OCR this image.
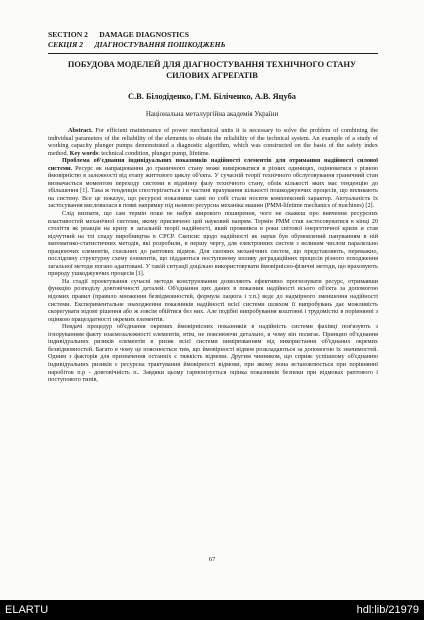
SECTION 2      DAMAGE DIAGNOSTICS
СЕКЦІЯ 2      ДІАГНОСТУВАННЯ ПОШКОДЖЕНЬ
ПОБУДОВА МОДЕЛЕЙ ДЛЯ ДІАГНОСТУВАННЯ ТЕХНІЧНОГО СТАНУ СИЛОВИХ АГРЕГАТІВ
С.В. Білодіденко, Г.М. Біліченко, А.В. Яцуба
Національна металургійна академія України

Abstract. For efficient maintenance of power mechanical units it is necessary to solve the problem of combining the individual parameters of the reliability of the elements to obtain the reliability of the technical system. An example of a study of working capacity plunger pumps demonstrated a diagnostic algorithm, which was constructed on the basis of the safety index method. Key words: technical condition, plunger pump, lifetime.

Проблема об'єднання індивідуальних показників надійності елементів для отримання надійності силової системи. Ресурс як напрацювання до граничного стану може вимірюватися в різних одиницях, оцінюватися з різною ймовірністю в залежності від етапу життєвого циклу об'єкта. У сучасній теорії технічного обслуговування граничний стан визначається моментом переходу системи в відмінну фазу технічного стану, облік кількості яких має тенденцію до збільшення [1]. Така ж тенденція спостерігається і в частині врахування кількості пошкоджуючих процесів, що впливають на систему. Все це показує, що ресурсні показники самі по собі стали носити комплексний характер. Актуальність їх застосування висловилася в появі напрямку під назвою ресурсна механіка машин (PMM-lifetime mechanics of machines) [2].

Слід визнати, що сам термін поки не набув широкого поширення, чого не скажеш про вивчення ресурсних властивостей механічної системи, якому присвячено цей науковий напрям. Термін PMM став застосовуватися в кінці 20 століття як реакція на кризу в загальній теорії надійності, який проявився в роки світової енергетичної кризи и став відчутний на тлі спаду виробництва в СРСР. Скепсис щодо надійності як науки був обумовлений пануванням в ній математико-статистичних методів, які розробили, в першу чергу, для електронних систем з великим числом паралельно працюючих елементів, схильних до раптових відмов. Для силових механічних систем, що представляють, переважно, послідовну структурну схему елементів, що піддаються поступовому впливу деградаційних процесів різного походження загальної методи погано адаптовані. У такій ситуації доцільно використовувати ймовірнісно-фізичні методи, що враховують природу ушкоджуючих процесів [1].

На стадії проектування сучасні методи конструювання дозволяють ефективно прогнозувати ресурс, отримавши функцію розподілу довговічності деталей. Об'єднання цих даних в показник надійності всього об'єкта за допомогою відомих правил (правило множення безвідмовностей, формула лацюга і т.п.) веде до надмірного зменшення надійності системи. Експериментальне знаходження показників надійності всієї системи шляхом її випробувань дає можливість скорегувати відомі рішення або ж зовсім обійтися без них. Але подібні випробування коштовні і трудомісткі в порівнянні з оцінкою працездатності окремих елементів.

Невдачі процедур об'єднання окремих ймовірнісних показників в надійність системи фахівці пов'язують з ігноруванням факту взаємозалежності елементів, втім, не пояснюючи детально, в чому він полягає. Принцип об'єднання індивідуальних ризиків елементів в ризик всієї системи вимірюванням від використання об'єднаних окремих безвідмовностей. Багато в чому це пояснюється тим, що ймовірності відмов розкладаються за допомогою їх значимостей. Одним з факторів для призначення останніх є тяжкість відмови. Другим чинником, що сприяє успішному об'єднанню індивідуальних ризиків є ресурсна трактування ймовірності відмови, при якому вона встановлюється при порівнянні наробіток п.р - довговічність п.. Завдяки цьому гармонізується оцінка показників безпеки при відмовах раптового і поступового типів,

67
ELARTU	hdl:lib/21979
